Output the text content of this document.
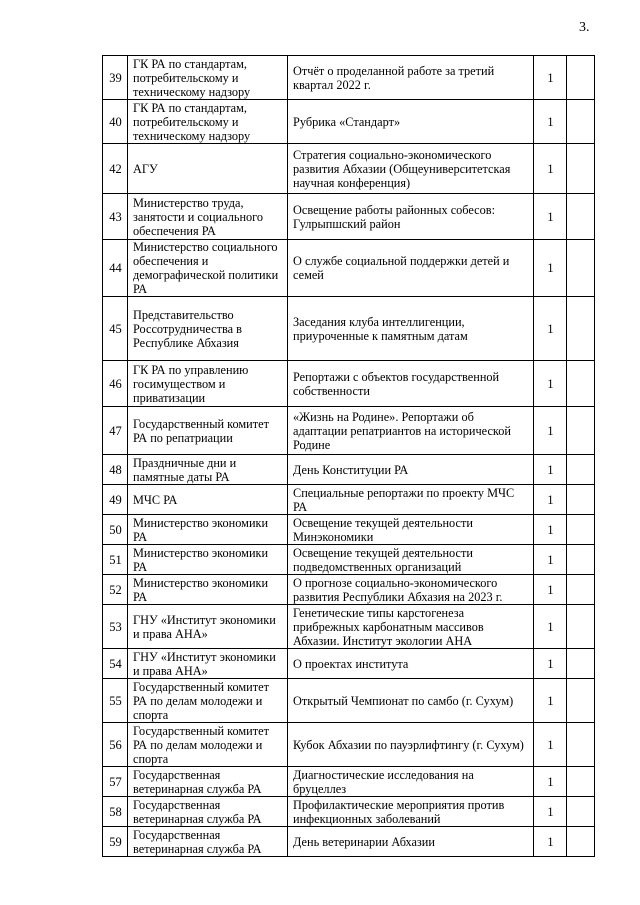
3.
39	ГК РА по стандартам, потребительскому и техническому надзору	Отчёт о проделанной работе за третий квартал 2022 г.	1	
40	ГК РА по стандартам, потребительскому и техническому надзору	Рубрика «Стандарт»	1	
42	АГУ	Стратегия социально-экономического развития Абхазии (Общеуниверситетская научная конференция)	1	
43	Министерство труда, занятости и социального обеспечения РА	Освещение работы районных собесов: Гулрыпшский район	1	
44	Министерство социального обеспечения и демографической политики РА	О службе социальной поддержки детей и семей	1	
45	Представительство Россотрудничества в Республике Абхазия	Заседания клуба интеллигенции, приуроченные к памятным датам	1	
46	ГК РА по управлению госимуществом и приватизации	Репортажи с объектов государственной собственности	1	
47	Государственный комитет РА по репатриации	«Жизнь на Родине». Репортажи об адаптации репатриантов на исторической Родине	1	
48	Праздничные дни и памятные даты РА	День Конституции РА	1	
49	МЧС РА	Специальные репортажи по проекту МЧС РА	1	
50	Министерство экономики РА	Освещение текущей деятельности Минэкономики	1	
51	Министерство экономики РА	Освещение текущей деятельности подведомственных организаций	1	
52	Министерство экономики РА	О прогнозе социально-экономического развития Республики Абхазия на 2023 г.	1	
53	ГНУ «Институт экономики и права АНА»	Генетические типы карстогенеза прибрежных карбонатным массивов Абхазии. Институт экологии АНА	1	
54	ГНУ «Институт экономики и права АНА»	О проектах института	1	
55	Государственный комитет РА по делам молодежи и спорта	Открытый Чемпионат по самбо (г. Сухум)	1	
56	Государственный комитет РА по делам молодежи и спорта	Кубок Абхазии по пауэрлифтингу (г. Сухум)	1	
57	Государственная ветеринарная служба РА	Диагностические исследования на бруцеллез	1	
58	Государственная ветеринарная служба РА	Профилактические мероприятия против инфекционных заболеваний	1	
59	Государственная ветеринарная служба РА	День ветеринарии Абхазии	1	
